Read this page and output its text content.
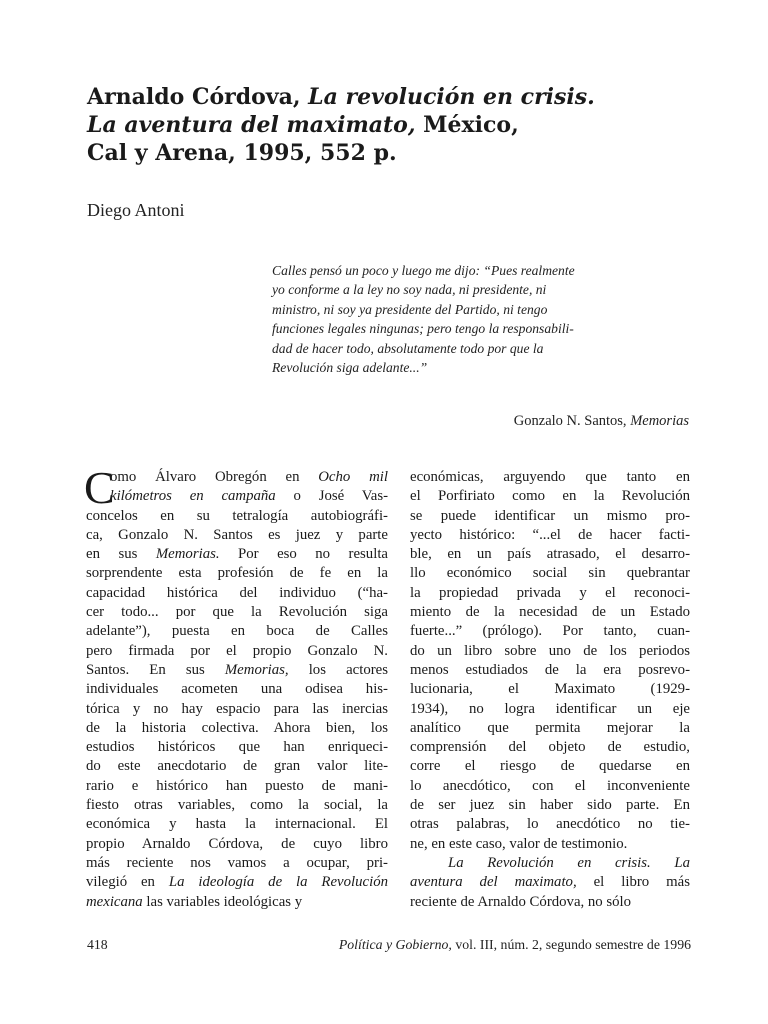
Arnaldo Córdova, La revolución en crisis.
La aventura del maximato, México,
Cal y Arena, 1995, 552 p.
Diego Antoni
Calles pensó un poco y luego me dijo: “Pues realmente
yo conforme a la ley no soy nada, ni presidente, ni
ministro, ni soy ya presidente del Partido, ni tengo
funciones legales ningunas; pero tengo la responsabili-
dad de hacer todo, absolutamente todo por que la
Revolución siga adelante...”
Gonzalo N. Santos, Memorias
C
omo Álvaro Obregón en Ocho mil
kilómetros en campaña o José Vas-
concelos en su tetralogía autobiográfi-
ca, Gonzalo N. Santos es juez y parte
en sus Memorias. Por eso no resulta
sorprendente esta profesión de fe en la
capacidad histórica del individuo (“ha-
cer todo... por que la Revolución siga
adelante”), puesta en boca de Calles
pero firmada por el propio Gonzalo N.
Santos. En sus Memorias, los actores
individuales acometen una odisea his-
tórica y no hay espacio para las inercias
de la historia colectiva. Ahora bien, los
estudios históricos que han enriqueci-
do este anecdotario de gran valor lite-
rario e histórico han puesto de mani-
fiesto otras variables, como la social, la
económica y hasta la internacional. El
propio Arnaldo Córdova, de cuyo libro
más reciente nos vamos a ocupar, pri-
vilegió en La ideología de la Revolución
mexicana las variables ideológicas y
económicas, arguyendo que tanto en
el Porfiriato como en la Revolución
se puede identificar un mismo pro-
yecto histórico: “...el de hacer facti-
ble, en un país atrasado, el desarro-
llo económico social sin quebrantar
la propiedad privada y el reconoci-
miento de la necesidad de un Estado
fuerte...” (prólogo). Por tanto, cuan-
do un libro sobre uno de los periodos
menos estudiados de la era posrevo-
lucionaria, el Maximato (1929-
1934), no logra identificar un eje
analítico que permita mejorar la
comprensión del objeto de estudio,
corre el riesgo de quedarse en
lo anecdótico, con el inconveniente
de ser juez sin haber sido parte. En
otras palabras, lo anecdótico no tie-
ne, en este caso, valor de testimonio.
La Revolución en crisis. La
aventura del maximato, el libro más
reciente de Arnaldo Córdova, no sólo
418	Política y Gobierno, vol. III, núm. 2, segundo semestre de 1996
